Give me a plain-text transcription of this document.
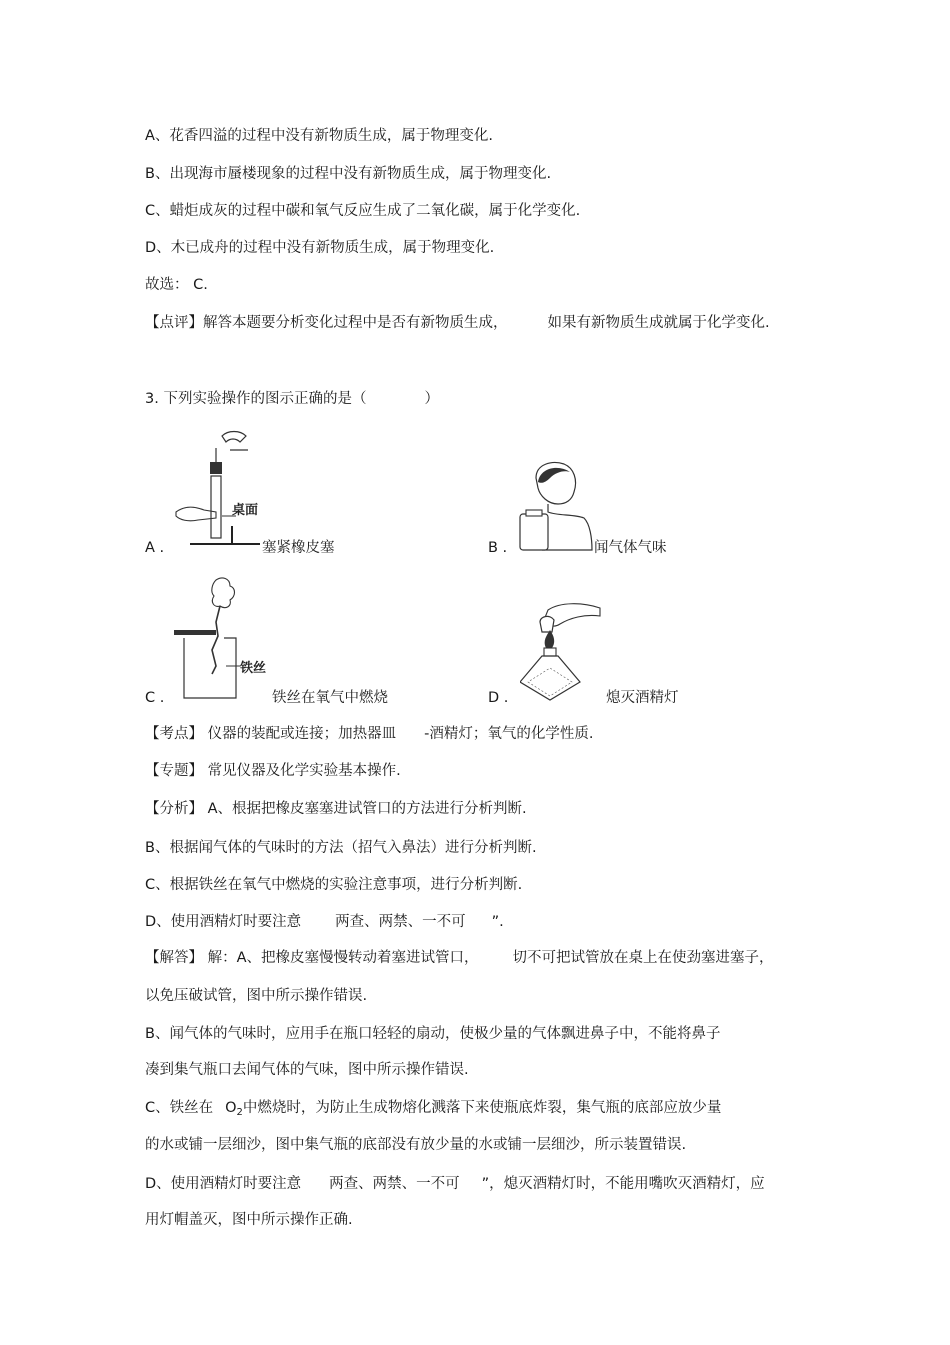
A、花香四溢的过程中没有新物质生成，属于物理变化.
B、出现海市蜃楼现象的过程中没有新物质生成，属于物理变化.
C、蜡炬成灰的过程中碳和氧气反应生成了二氧化碳，属于化学变化.
D、木已成舟的过程中没有新物质生成，属于物理变化.
故选： C.
【点评】解答本题要分析变化过程中是否有新物质生成，	如果有新物质生成就属于化学变化.
3. 下列实验操作的图示正确的是（	）
桌面
A .	塞紧橡皮塞	B .	闻气体气味
铁丝
C .	铁丝在氧气中燃烧	D .	熄灭酒精灯
【考点】 仪器的装配或连接；加热器皿 -酒精灯；氧气的化学性质.
【专题】 常见仪器及化学实验基本操作.
【分析】 A、根据把橡皮塞塞进试管口的方法进行分析判断.
B、根据闻气体的气味时的方法（招气入鼻法）进行分析判断.
C、根据铁丝在氧气中燃烧的实验注意事项，进行分析判断.
D、使用酒精灯时要注意 两查、两禁、一不可 ”.
【解答】 解：A、把橡皮塞慢慢转动着塞进试管口， 切不可把试管放在桌上在使劲塞进塞子，
以免压破试管，图中所示操作错误.
B、闻气体的气味时，应用手在瓶口轻轻的扇动，使极少量的气体飘进鼻子中，不能将鼻子
凑到集气瓶口去闻气体的气味，图中所示操作错误.
C、铁丝在 $O_2$中燃烧时，为防止生成物熔化溅落下来使瓶底炸裂，集气瓶的底部应放少量
的水或铺一层细沙，图中集气瓶的底部没有放少量的水或铺一层细沙，所示装置错误.
D、使用酒精灯时要注意 两查、两禁、一不可 ”，熄灭酒精灯时，不能用嘴吹灭酒精灯，应
用灯帽盖灭，图中所示操作正确.
